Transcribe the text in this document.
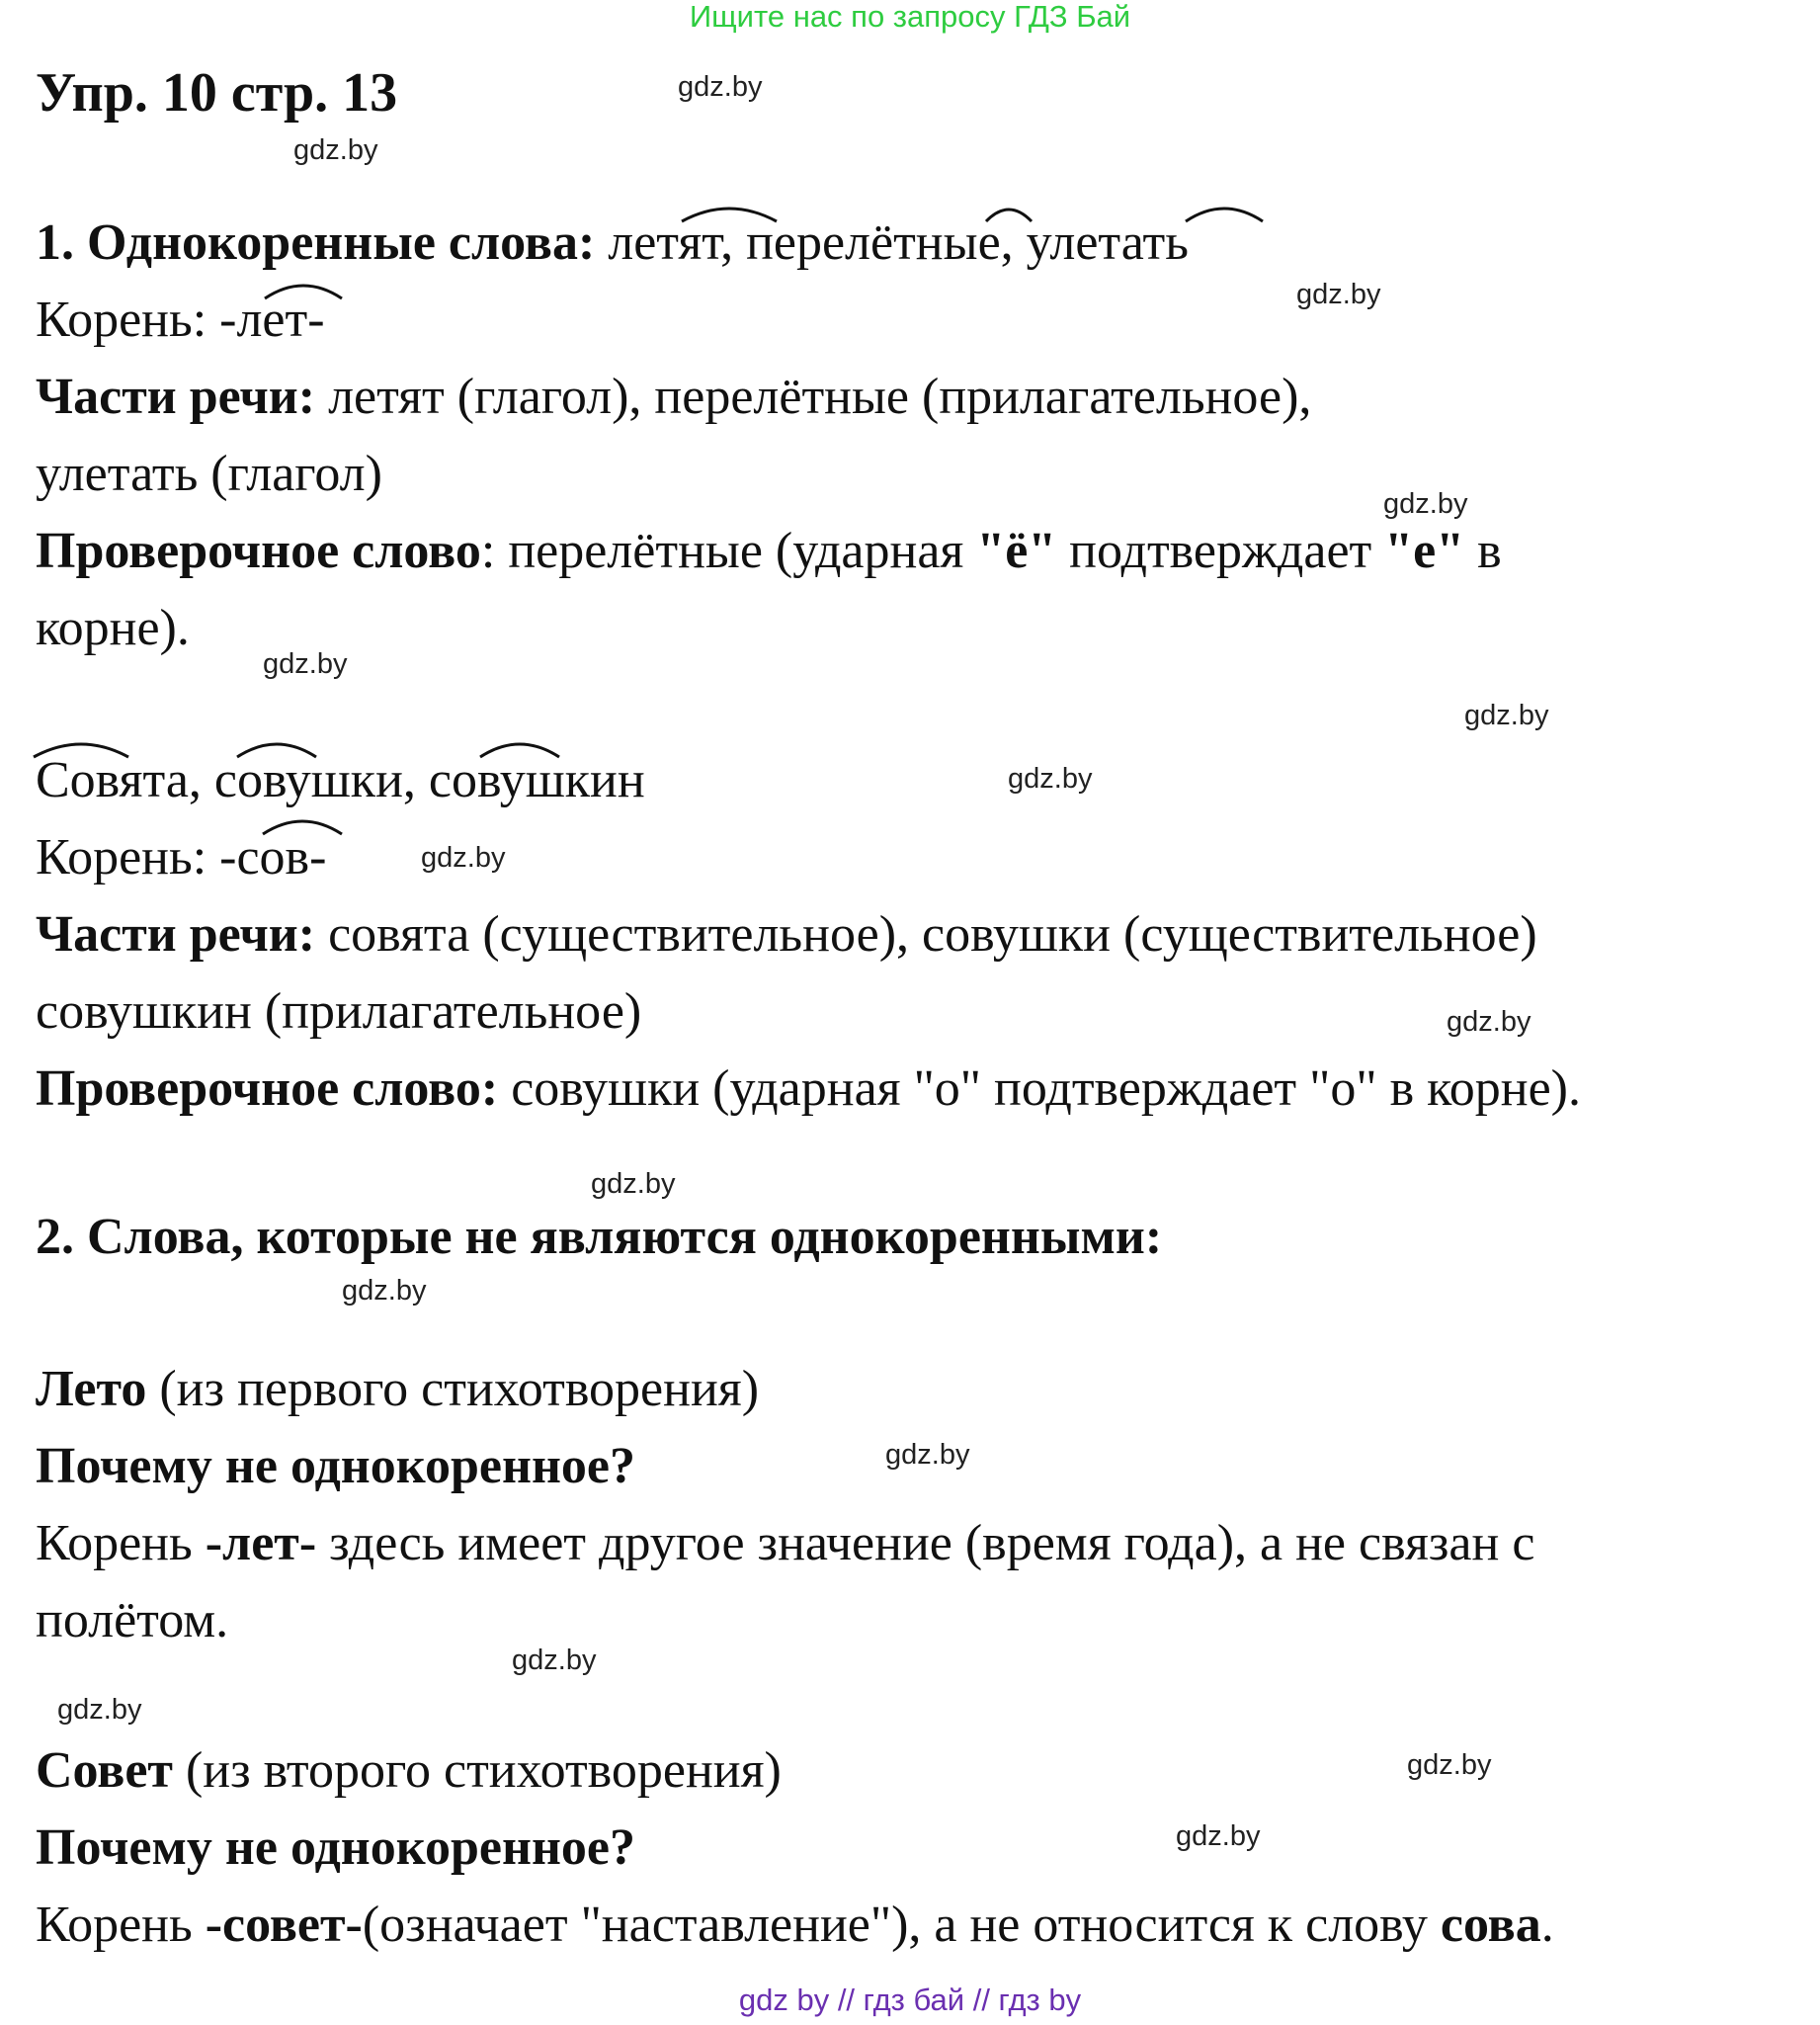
Ищите нас по запросу ГДЗ Бай
Упр. 10 стр. 13

1. Однокоренные слова: летят, перелётные, улетать

Корень: -лет-

Части речи: летят (глагол), перелётные (прилагательное),

улетать (глагол)

Проверочное слово: перелётные (ударная "ё" подтверждает "е" в

корне).

Совята, совушки, совушкин

Корень: -сов-

Части речи: совята (существительное), совушки (существительное)

совушкин (прилагательное)

Проверочное слово: совушки (ударная "о" подтверждает "о" в корне).

2. Слова, которые не являются однокоренными:

Лето (из первого стихотворения)

Почему не однокоренное?

Корень -лет- здесь имеет другое значение (время года), а не связан с

полётом.

Совет (из второго стихотворения)

Почему не однокоренное?

Корень -совет-(означает "наставление"), а не относится к слову сова.

gdz.by
gdz.by
gdz.by
gdz.by
gdz.by
gdz.by
gdz.by
gdz.by
gdz.by
gdz.by
gdz.by
gdz.by
gdz.by
gdz.by
gdz.by
gdz.by
gdz by // гдз бай // гдз by
